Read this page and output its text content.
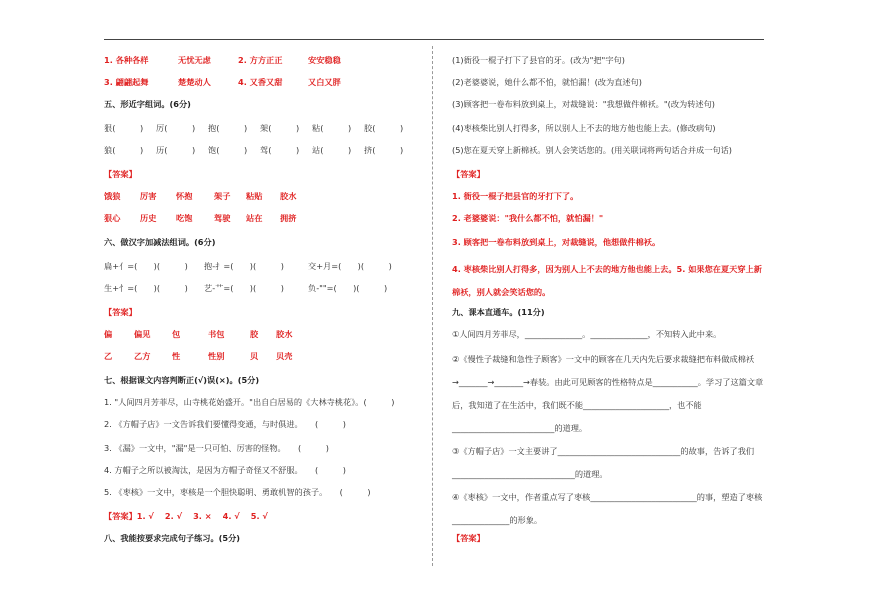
1. 各种各样	无忧无虑	2. 方方正正	安安稳稳
3. 翩翩起舞	楚楚动人	4. 又香又甜	又白又胖
五、形近字组词。(6分)
狠(　　　) 厉(　　　) 抱(　　　) 架(　　　) 粘(　　　) 胶(　　　)
狼(　　　) 历(　　　) 饱(　　　) 驾(　　　) 站(　　　) 挤(　　　)
【答案】
饿狼 厉害 怀抱	架子 粘贴 胶水
狠心 历史 吃饱	驾驶 站在 拥挤
六、做汉字加减法组词。(6分)
扁+亻=(　　)(　　　) 抱-扌=(　　)(　　　)	交+月=(　　)(　　　)
生+忄=(　　)(　　　) 艺-艹=(　　)(　　　)	负-""=(　　)(　　　)
【答案】
偏	偏见	包	书包	胶 胶水
乙	乙方	性	性别	贝 贝壳
七、根据课文内容判断正(√)误(×)。(5分)
1. "人间四月芳菲尽，山寺桃花始盛开。"出自白居易的《大林寺桃花》。(　　　)
2. 《方帽子店》一文告诉我们要懂得变通，与时俱进。　　(　　　)
3. 《漏》一文中，"漏"是一只可怕、厉害的怪物。　　(　　　)
4. 方帽子之所以被淘汰，是因为方帽子奇怪又不舒服。　　(　　　)
5. 《枣核》一文中，枣核是一个胆快聪明、勇敢机智的孩子。　　(　　　)
【答案】1. √　 2. √　 3. ×　 4. √　 5. √
八、我能按要求完成句子练习。(5分)
(1)衙役一棍子打下了县官的牙。(改为"把"字句)
(2)老婆婆说，她什么都不怕，就怕漏！(改为直述句)
(3)顾客把一卷布料放到桌上，对裁缝说："我想做件棉袄。"(改为转述句)
(4)枣核柴比别人打得多，所以别人上不去的地方他也能上去。(修改病句)
(5)您在夏天穿上新棉袄。别人会笑话您的。(用关联词将两句话合并成一句话)
【答案】
1. 衙役一棍子把县官的牙打下了。
2. 老婆婆说："我什么都不怕，就怕漏！"
3. 顾客把一卷布料放到桌上，对裁缝说，他想做件棉袄。
4. 枣核柴比别人打得多，因为别人上不去的地方他也能上去。5. 如果您在夏天穿上新棉袄，别人就会笑话您的。
九、课本直通车。(11分)
①人间四月芳菲尽，______________。______________，不知转入此中来。
②《慢性子裁缝和急性子顾客》一文中的顾客在几天内先后要求裁缝把布料做成棉袄→_______→_______→春装。由此可见顾客的性格特点是___________。学习了这篇文章后，我知道了在生活中，我们既不能_____________________，也不能_________________________的道理。
③《方帽子店》一文主要讲了______________________________的故事，告诉了我们______________________________的道理。
④《枣核》一文中，作者重点写了枣核__________________________的事，塑造了枣核______________的形象。
【答案】
